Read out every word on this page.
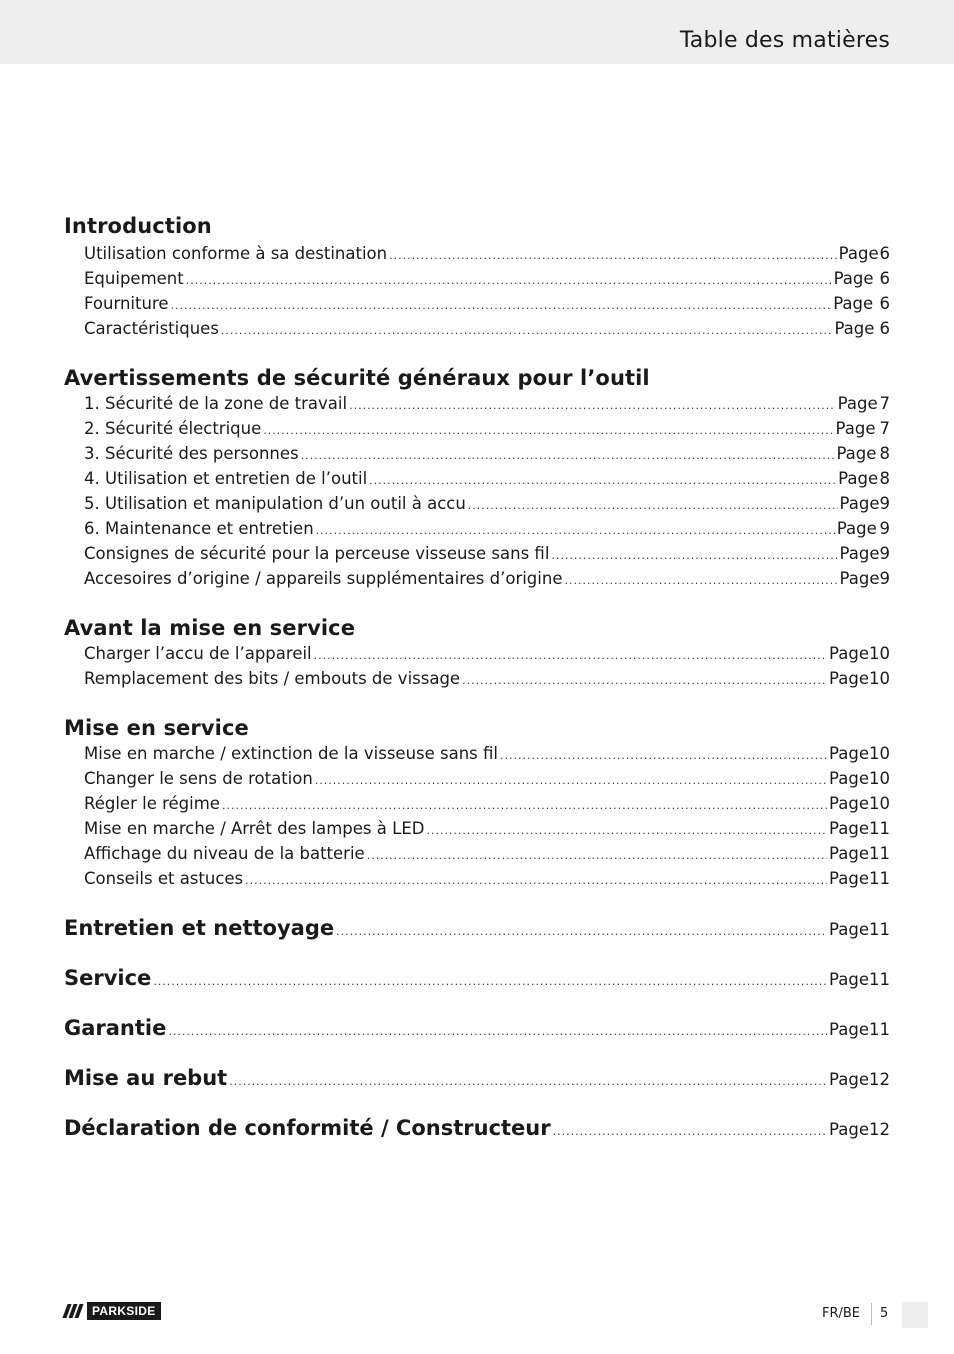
Table des matières
Introduction
Utilisation conforme à sa destination .....	Page 6
Equipement .....	Page 6
Fourniture .....	Page 6
Caractéristiques .....	Page 6
Avertissements de sécurité généraux pour l’outil
1. Sécurité de la zone de travail .....	Page 7
2. Sécurité électrique .....	Page 7
3. Sécurité des personnes .....	Page 8
4. Utilisation et entretien de l’outil .....	Page 8
5. Utilisation et manipulation d’un outil à accu .....	Page 9
6. Maintenance et entretien .....	Page 9
Consignes de sécurité pour la perceuse visseuse sans fil .....	Page 9
Accesoires d’origine / appareils supplémentaires d’origine .....	Page 9
Avant la mise en service
Charger l’accu de l’appareil .....	Page 10
Remplacement des bits / embouts de vissage .....	Page 10
Mise en service
Mise en marche / extinction de la visseuse sans fil .....	Page 10
Changer le sens de rotation .....	Page 10
Régler le régime .....	Page 10
Mise en marche / Arrêt des lampes à LED .....	Page 11
Affichage du niveau de la batterie .....	Page 11
Conseils et astuces .....	Page 11
Entretien et nettoyage .....	Page 11
Service .....	Page 11
Garantie .....	Page 11
Mise au rebut .....	Page 12
Déclaration de conformité / Constructeur .....	Page 12
PARKSIDE	FR/BE 5
